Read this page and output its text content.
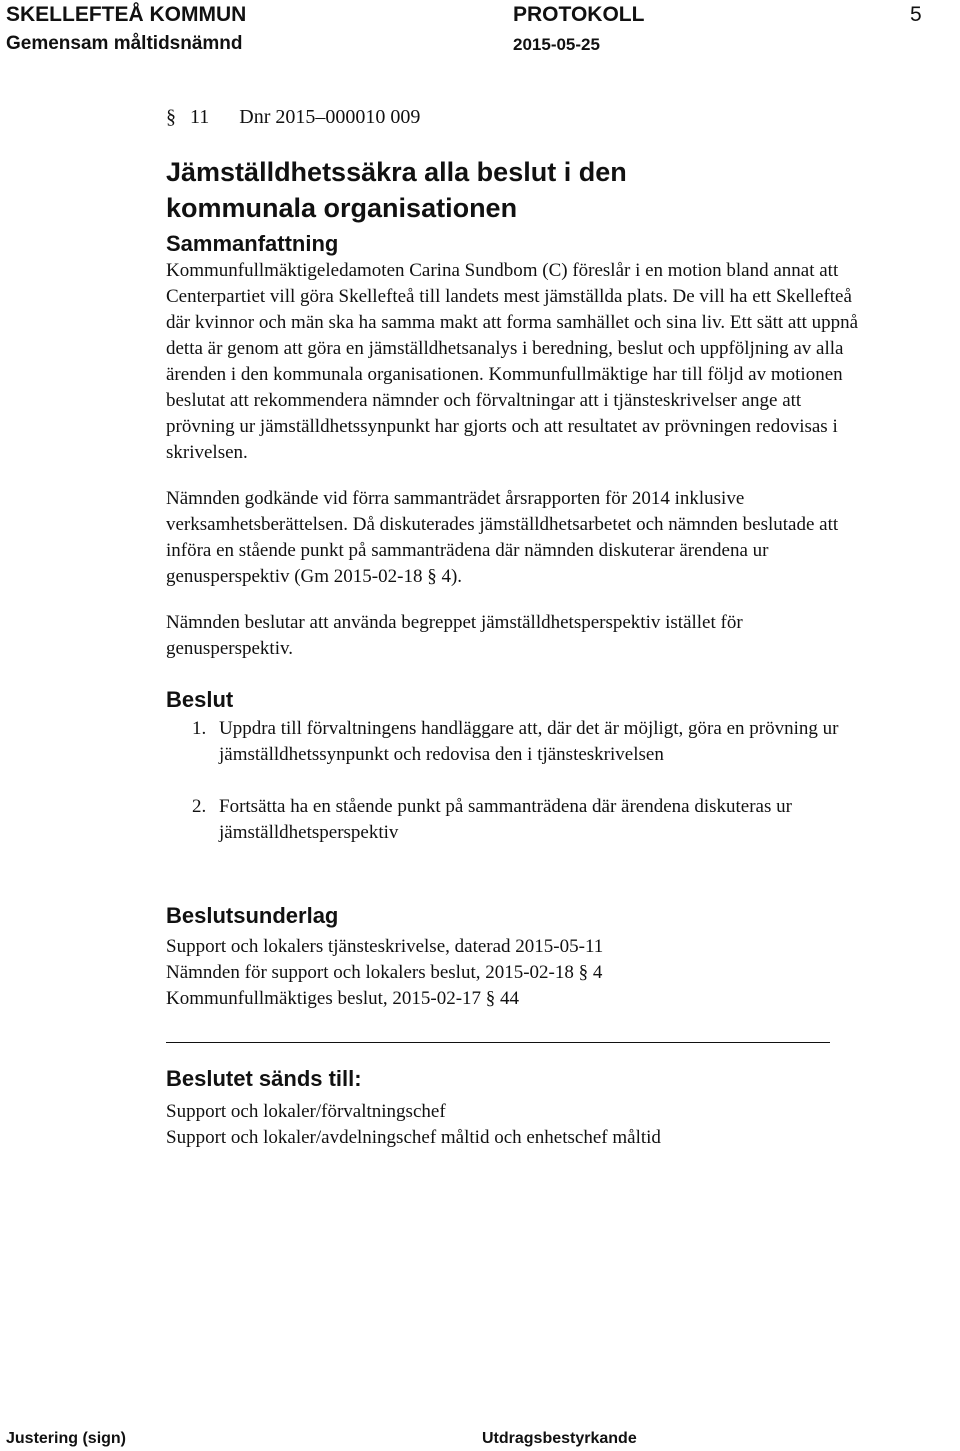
SKELLEFTEÅ KOMMUN
Gemensam måltidsnämnd
PROTOKOLL
2015-05-25
5

§ 11 Dnr 2015–000010 009

Jämställdhetssäkra alla beslut i den
kommunala organisationen
Sammanfattning

Kommunfullmäktigeledamoten Carina Sundbom (C) föreslår i en motion bland annat att Centerpartiet vill göra Skellefteå till landets mest jämställda plats. De vill ha ett Skellefteå där kvinnor och män ska ha samma makt att forma samhället och sina liv. Ett sätt att uppnå detta är genom att göra en jämställdhetsanalys i beredning, beslut och uppföljning av alla ärenden i den kommunala organisationen. Kommunfullmäktige har till följd av motionen beslutat att rekommendera nämnder och förvaltningar att i tjänsteskrivelser ange att prövning ur jämställdhetssynpunkt har gjorts och att resultatet av prövningen redovisas i skrivelsen.

Nämnden godkände vid förra sammanträdet årsrapporten för 2014 inklusive verksamhetsberättelsen. Då diskuterades jämställdhetsarbetet och nämnden beslutade att införa en stående punkt på sammanträdena där nämnden diskuterar ärendena ur genusperspektiv (Gm 2015-02-18 § 4).

Nämnden beslutar att använda begreppet jämställdhetsperspektiv istället för genusperspektiv.

Beslut
1. Uppdra till förvaltningens handläggare att, där det är möjligt, göra en prövning ur jämställdhetssynpunkt och redovisa den i tjänsteskrivelsen
2. Fortsätta ha en stående punkt på sammanträdena där ärendena diskuteras ur jämställdhetsperspektiv
Beslutsunderlag

Support och lokalers tjänsteskrivelse, daterad 2015-05-11

Nämnden för support och lokalers beslut, 2015-02-18 § 4

Kommunfullmäktiges beslut, 2015-02-17 § 44

Beslutet sänds till:

Support och lokaler/förvaltningschef

Support och lokaler/avdelningschef måltid och enhetschef måltid

Justering (sign)	Utdragsbestyrkande
